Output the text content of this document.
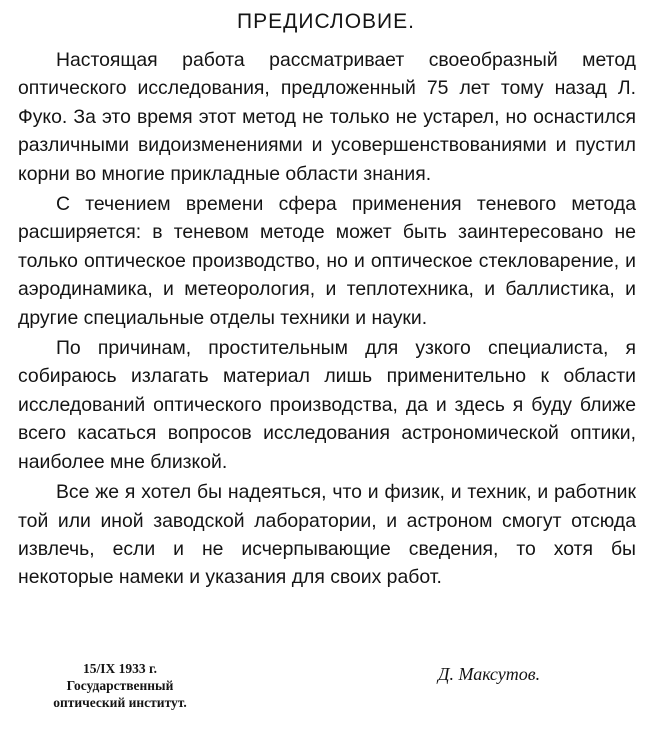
ПРЕДИСЛОВИЕ.

Настоящая работа рассматривает своеобразный метод оптического исследования, предложенный 75 лет тому назад Л. Фуко. За это время этот метод не только не устарел, но оснастился различными видоизменениями и усовершенствованиями и пустил корни во многие прикладные области знания.

С течением времени сфера применения теневого метода расширяется: в теневом методе может быть заинтересовано не только оптическое производство, но и оптическое стекловарение, и аэродинамика, и метеорология, и теплотехника, и баллистика, и другие специальные отделы техники и науки.

По причинам, простительным для узкого специалиста, я собираюсь излагать материал лишь применительно к области исследований оптического производства, да и здесь я буду ближе всего касаться вопросов исследования астрономической оптики, наиболее мне близкой.

Все же я хотел бы надеяться, что и физик, и техник, и работник той или иной заводской лаборатории, и астроном смогут отсюда извлечь, если и не исчерпывающие сведения, то хотя бы некоторые намеки и указания для своих работ.

15/IX 1933 г.
Государственный
оптический институт.
Д. Максутов.
